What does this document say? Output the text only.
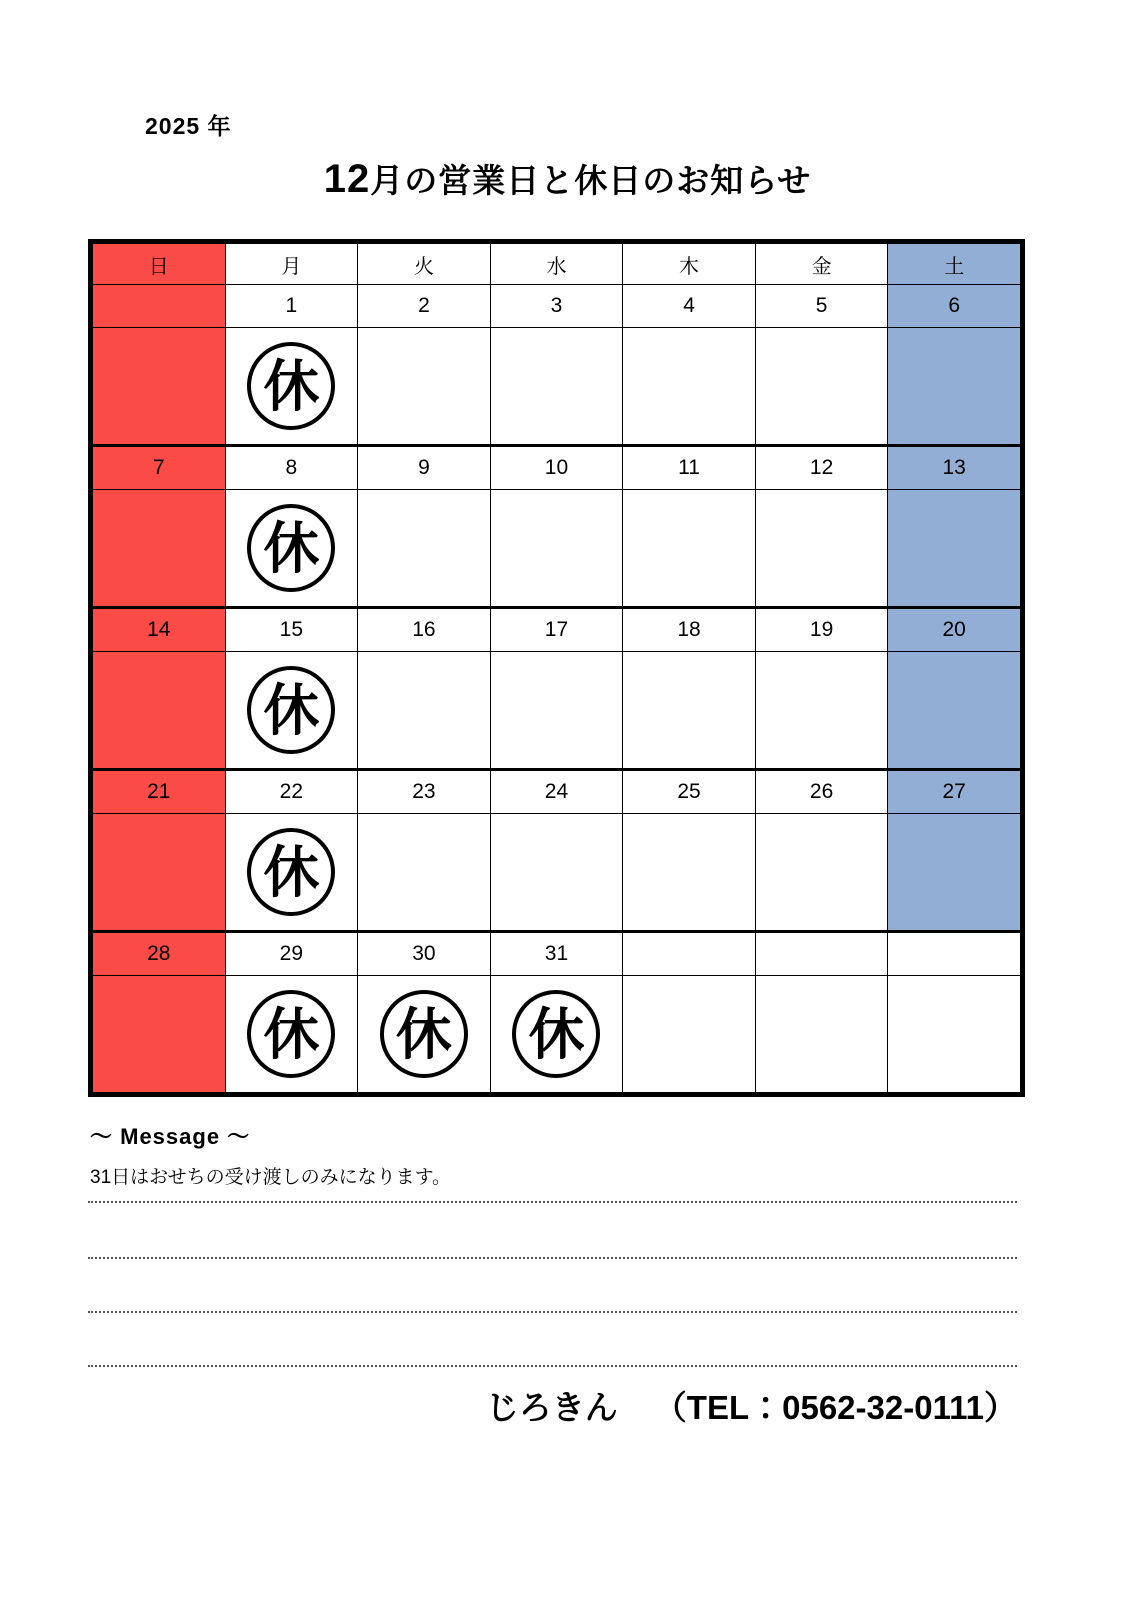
2025 年
12月の営業日と休日のお知らせ
日	月	火	水	木	金	土
	1	2	3	4	5	6
	休					
7	8	9	10	11	12	13
	休					
14	15	16	17	18	19	20
	休					
21	22	23	24	25	26	27
	休					
28	29	30	31			
	休	休	休			
〜 Message 〜
31日はおせちの受け渡しのみになります。
じろきん （TEL：0562-32-0111）
